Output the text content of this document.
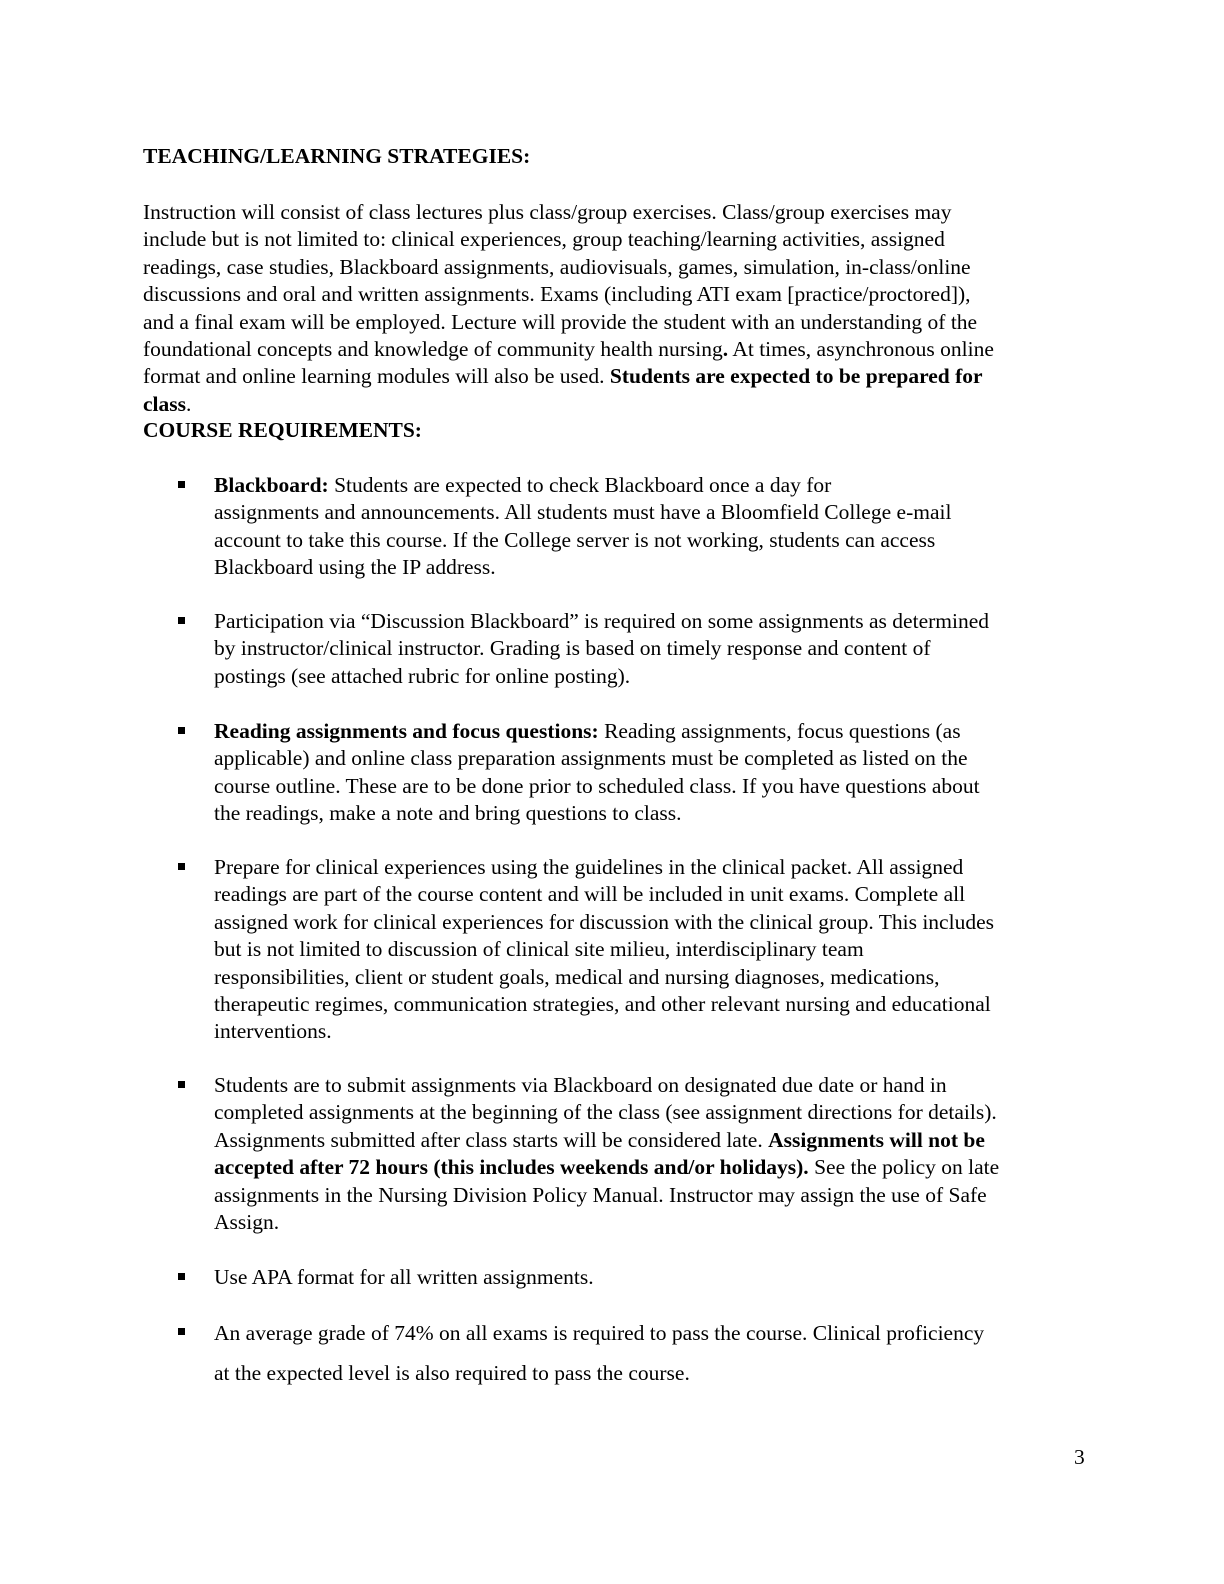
TEACHING/LEARNING STRATEGIES:
Instruction will consist of class lectures plus class/group exercises. Class/group exercises may
include but is not limited to: clinical experiences, group teaching/learning activities, assigned
readings, case studies, Blackboard assignments, audiovisuals, games, simulation, in-class/online
discussions and oral and written assignments. Exams (including ATI exam [practice/proctored]),
and a final exam will be employed. Lecture will provide the student with an understanding of the
foundational concepts and knowledge of community health nursing. At times, asynchronous online
format and online learning modules will also be used. Students are expected to be prepared for
class.
COURSE REQUIREMENTS:
Blackboard: Students are expected to check Blackboard once a day for
assignments and announcements. All students must have a Bloomfield College e-mail
account to take this course. If the College server is not working, students can access
Blackboard using the IP address.
Participation via “Discussion Blackboard” is required on some assignments as determined
by instructor/clinical instructor. Grading is based on timely response and content of
postings (see attached rubric for online posting).
Reading assignments and focus questions: Reading assignments, focus questions (as
applicable) and online class preparation assignments must be completed as listed on the
course outline. These are to be done prior to scheduled class. If you have questions about
the readings, make a note and bring questions to class.
Prepare for clinical experiences using the guidelines in the clinical packet. All assigned
readings are part of the course content and will be included in unit exams. Complete all
assigned work for clinical experiences for discussion with the clinical group. This includes
but is not limited to discussion of clinical site milieu, interdisciplinary team
responsibilities, client or student goals, medical and nursing diagnoses, medications,
therapeutic regimes, communication strategies, and other relevant nursing and educational
interventions.
Students are to submit assignments via Blackboard on designated due date or hand in
completed assignments at the beginning of the class (see assignment directions for details).
Assignments submitted after class starts will be considered late. Assignments will not be
accepted after 72 hours (this includes weekends and/or holidays). See the policy on late
assignments in the Nursing Division Policy Manual. Instructor may assign the use of Safe
Assign.
Use APA format for all written assignments.
An average grade of 74% on all exams is required to pass the course. Clinical proficiency
at the expected level is also required to pass the course.
3
